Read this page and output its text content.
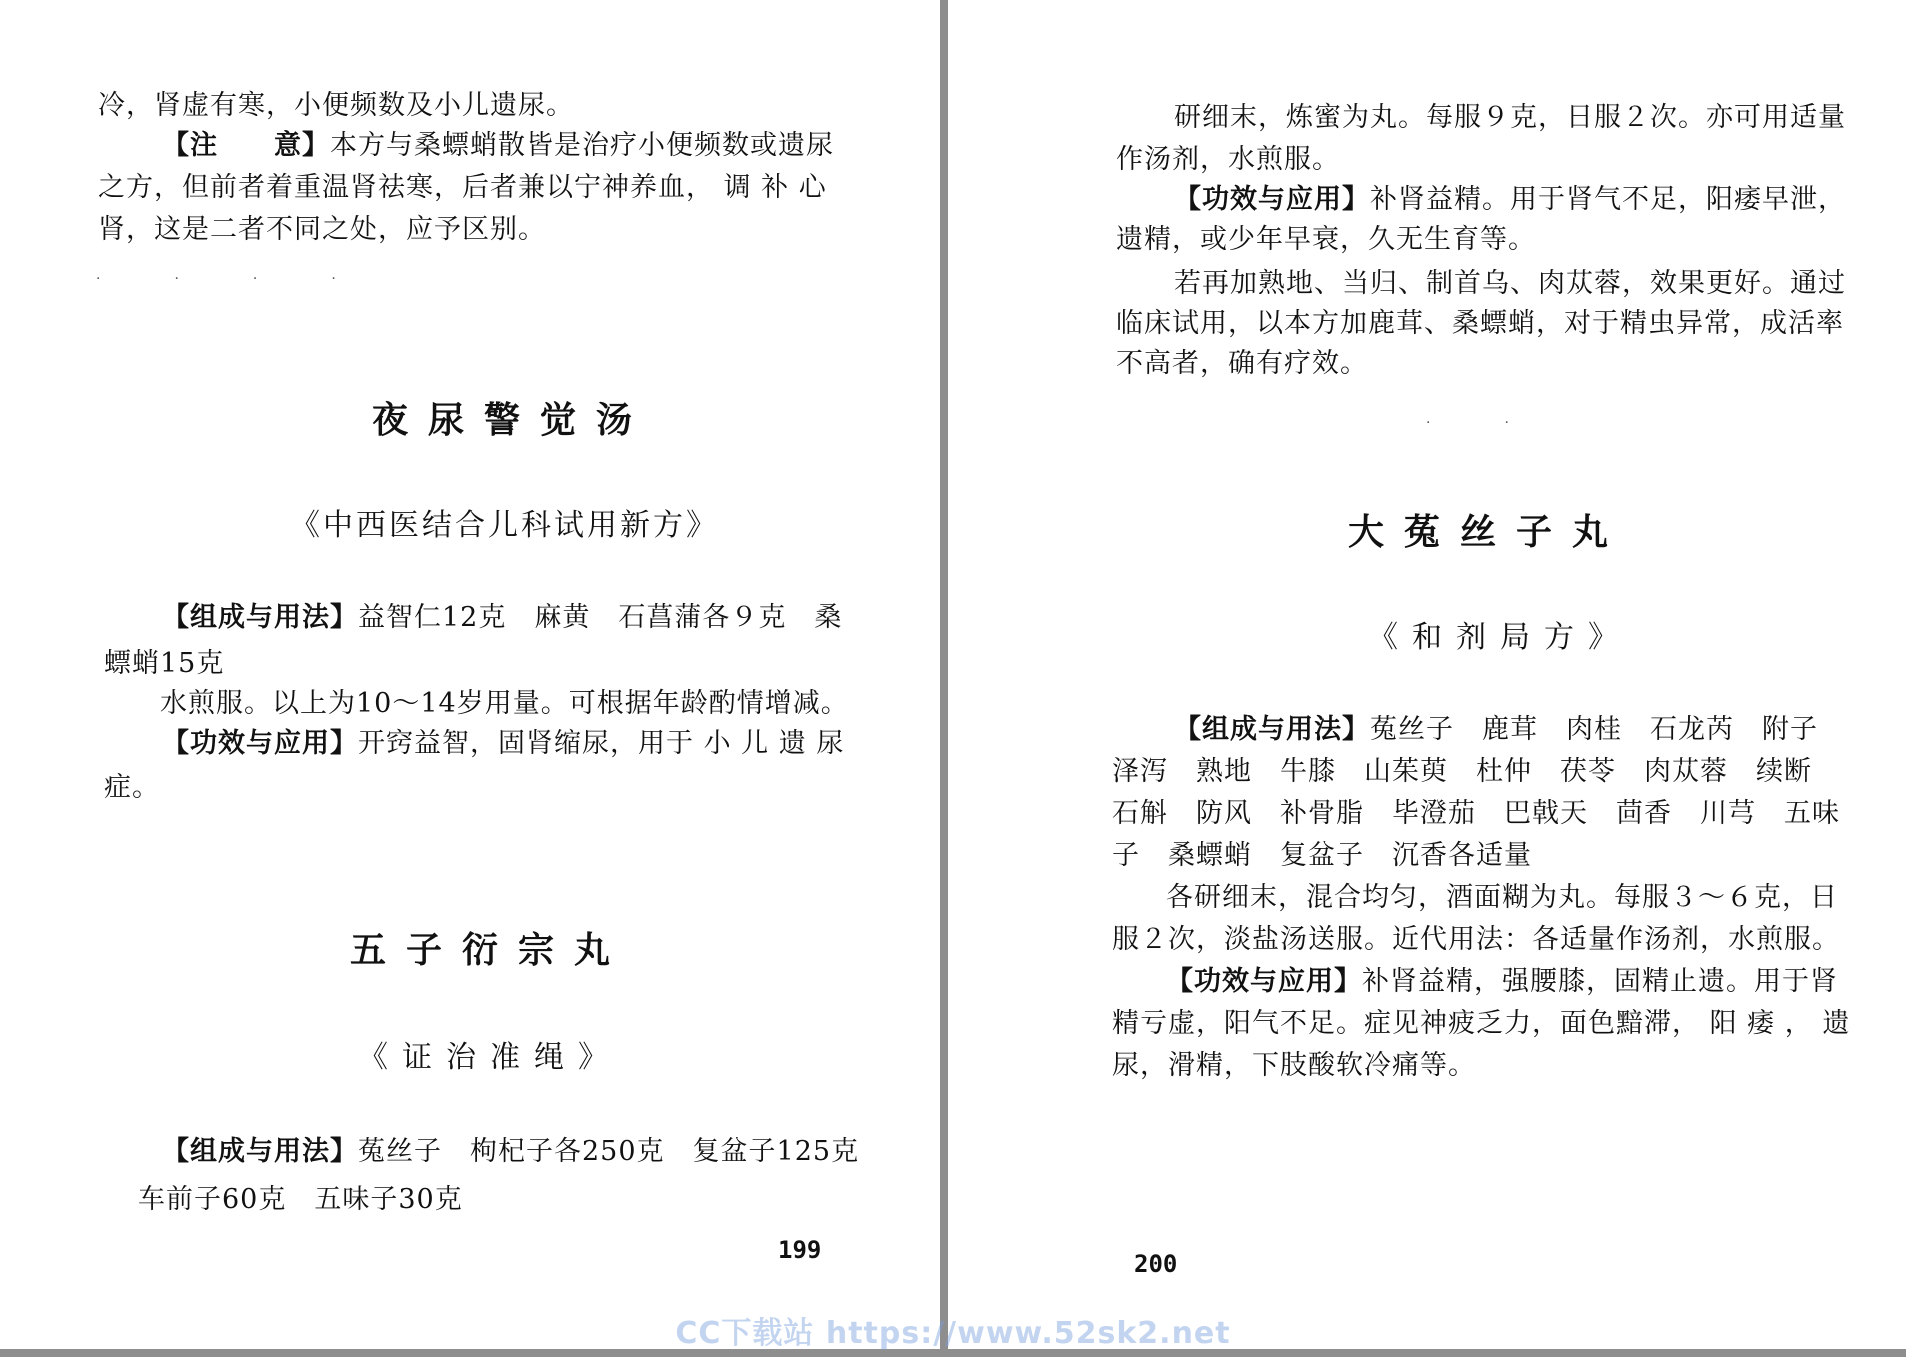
冷，肾虚有寒，小便频数及小儿遗尿。
【注　　意】本方与桑螵蛸散皆是治疗小便频数或遗尿
之方，但前者着重温肾祛寒，后者兼以宁神养血， 调 补 心
肾，这是二者不同之处，应予区别。
·　·　·　·
夜尿警觉汤
《中西医结合儿科试用新方》
【组成与用法】益智仁12克　麻黄　石菖蒲各９克　桑
螵蛸15克
水煎服。以上为10～14岁用量。可根据年龄酌情增减。
【功效与应用】开窍益智，固肾缩尿，用于 小 儿 遗 尿
症。
五子衍宗丸
《证治准绳》
【组成与用法】菟丝子　枸杞子各250克　复盆子125克
车前子60克　五味子30克
199
研细末，炼蜜为丸。每服９克，日服２次。亦可用适量
作汤剂，水煎服。
【功效与应用】补肾益精。用于肾气不足，阳痿早泄，
遗精，或少年早衰，久无生育等。
若再加熟地、当归、制首乌、肉苁蓉，效果更好。通过
临床试用，以本方加鹿茸、桑螵蛸，对于精虫异常，成活率
不高者，确有疗效。
·　·
大菟丝子丸
《和剂局方》
【组成与用法】菟丝子　鹿茸　肉桂　石龙芮　附子
泽泻　熟地　牛膝　山茱萸　杜仲　茯苓　肉苁蓉　续断
石斛　防风　补骨脂　毕澄茄　巴戟天　茴香　川芎　五味
子　桑螵蛸　复盆子　沉香各适量
各研细末，混合均匀，酒面糊为丸。每服３～６克，日
服２次，淡盐汤送服。近代用法：各适量作汤剂，水煎服。
【功效与应用】补肾益精，强腰膝，固精止遗。用于肾
精亏虚，阳气不足。症见神疲乏力，面色黯滞， 阳 痿 ， 遗
尿，滑精，下肢酸软冷痛等。
200
CC下载站 https://www.52sk2.net
